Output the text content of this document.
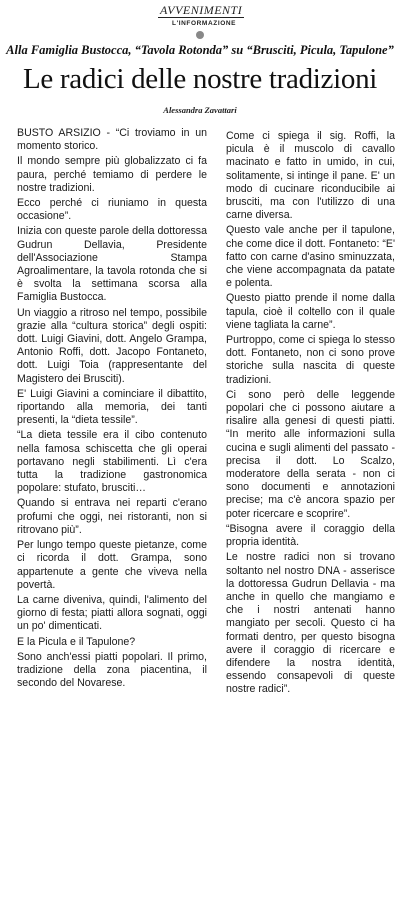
AVVENIMENTI
L'INFORMAZIONE
Alla Famiglia Bustocca, “Tavola Rotonda” su “Brusciti, Picula, Tapulone”
Le radici delle nostre tradizioni
Alessandra Zavattari

BUSTO ARSIZIO - “Ci troviamo in un momento storico.

Il mondo sempre più globalizzato ci fa paura, perché temiamo di perdere le nostre tradizioni.

Ecco perché ci riuniamo in questa occasione”.

Inizia con queste parole della dottoressa Gudrun Dellavia, Presidente dell'Associazione Stampa Agroalimentare, la tavola rotonda che si è svolta la settimana scorsa alla Famiglia Bustocca.

Un viaggio a ritroso nel tempo, possibile grazie alla “cultura storica” degli ospiti: dott. Luigi Giavini, dott. Angelo Grampa, Antonio Roffi, dott. Jacopo Fontaneto, dott. Luigi Toia (rappresentante del Magistero dei Brusciti).

E' Luigi Giavini a cominciare il dibattito, riportando alla memoria, dei tanti presenti, la “dieta tessile”.

“La dieta tessile era il cibo contenuto nella famosa schiscetta che gli operai portavano negli stabilimenti. Lì c'era tutta la tradizione gastronomica popolare: stufato, brusciti…

Quando si entrava nei reparti c'erano profumi che oggi, nei ristoranti, non si ritrovano più”.

Per lungo tempo queste pietanze, come ci ricorda il dott. Grampa, sono appartenute a gente che viveva nella povertà.

La carne diveniva, quindi, l'alimento del giorno di festa; piatti allora sognati, oggi un po' dimenticati.

E la Picula e il Tapulone?

Sono anch'essi piatti popolari. Il primo, tradizione della zona piacentina, il secondo del Novarese.

Come ci spiega il sig. Roffi, la picula è il muscolo di cavallo macinato e fatto in umido, in cui, solitamente, si intinge il pane. E' un modo di cucinare riconducibile ai brusciti, ma con l'utilizzo di una carne diversa.

Questo vale anche per il tapulone, che come dice il dott. Fontaneto: “E' fatto con carne d'asino sminuzzata, che viene accompagnata da patate e polenta.

Questo piatto prende il nome dalla tapula, cioè il coltello con il quale viene tagliata la carne”.

Purtroppo, come ci spiega lo stesso dott. Fontaneto, non ci sono prove storiche sulla nascita di queste tradizioni.

Ci sono però delle leggende popolari che ci possono aiutare a risalire alla genesi di questi piatti. “In merito alle informazioni sulla cucina e sugli alimenti del passato - precisa il dott. Lo Scalzo, moderatore della serata - non ci sono documenti e annotazioni precise; ma c'è ancora spazio per poter ricercare e scoprire”.

“Bisogna avere il coraggio della propria identità.

Le nostre radici non si trovano soltanto nel nostro DNA - asserisce la dottoressa Gudrun Dellavia - ma anche in quello che mangiamo e che i nostri antenati hanno mangiato per secoli. Questo ci ha formati dentro, per questo bisogna avere il coraggio di ricercare e difendere la nostra identità, essendo consapevoli di queste nostre radici”.
